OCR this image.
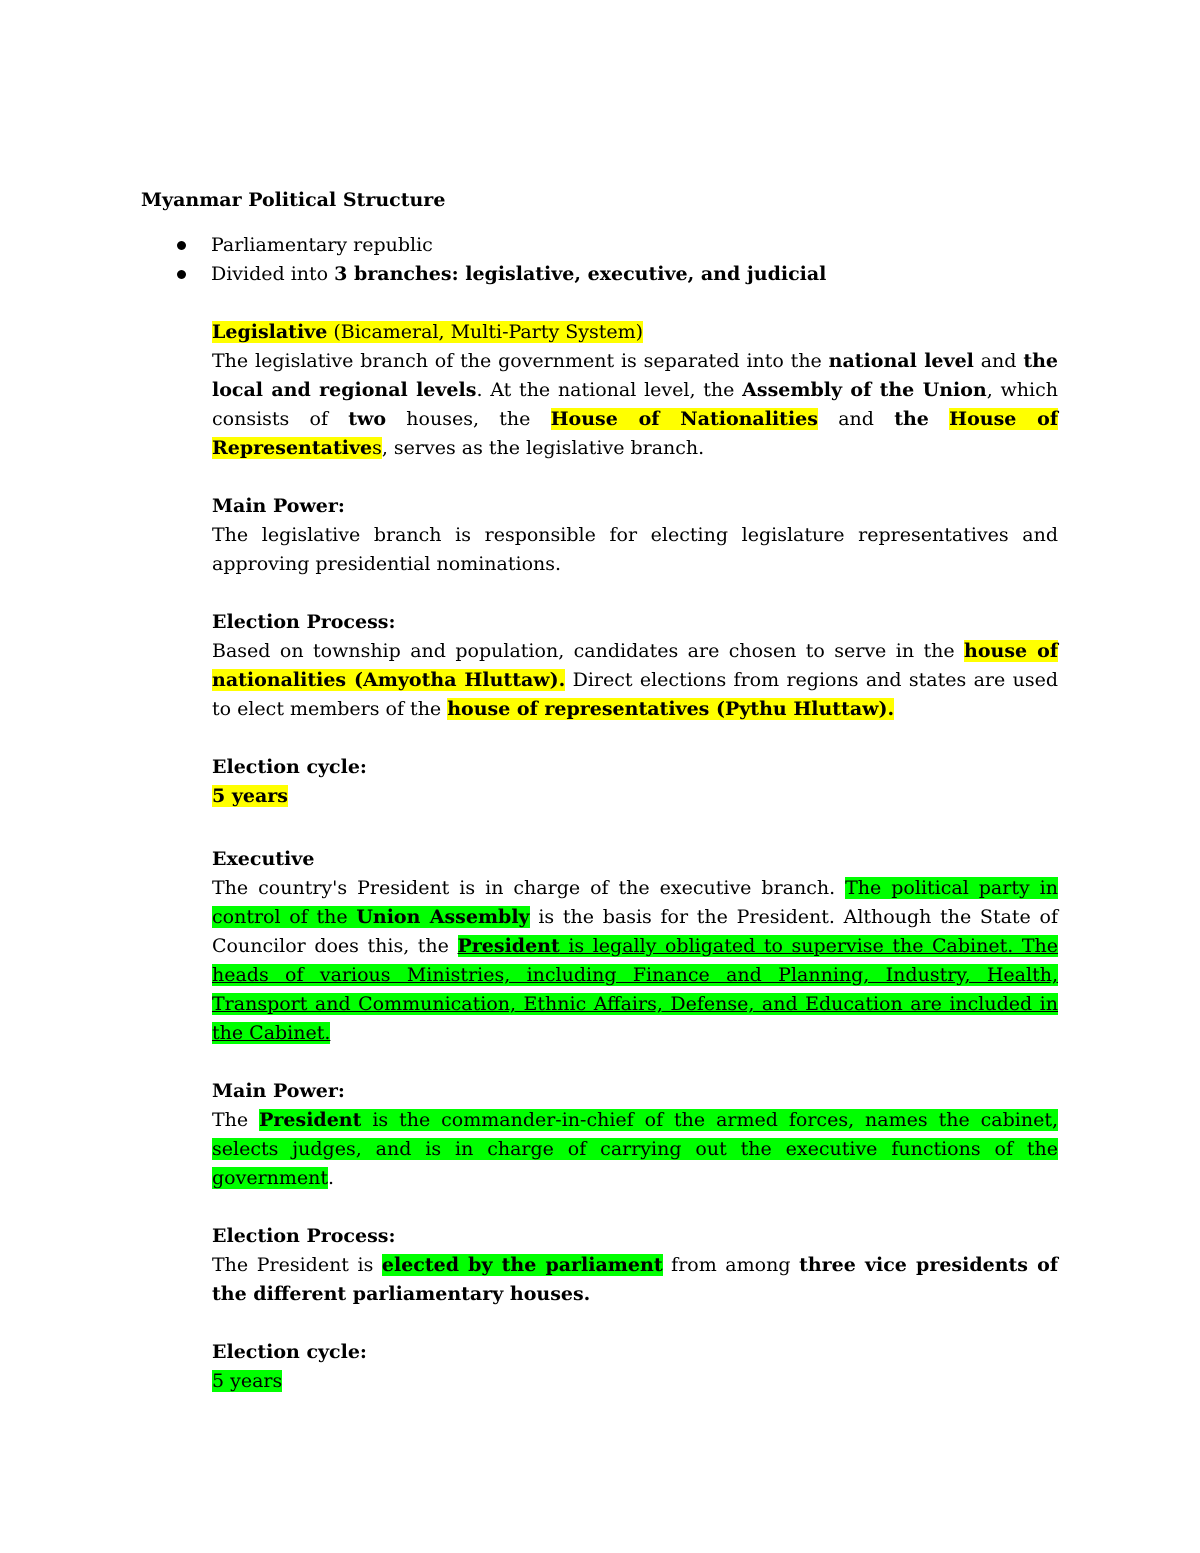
Myanmar Political Structure
Parliamentary republic
Divided into 3 branches: legislative, executive, and judicial
Legislative (Bicameral, Multi-Party System)

The legislative branch of the government is separated into the national level and the local and regional levels. At the national level, the Assembly of the Union, which consists of two houses, the House of Nationalities and the House of Representatives, serves as the legislative branch.

Main Power:

The legislative branch is responsible for electing legislature representatives and approving presidential nominations.

Election Process:

Based on township and population, candidates are chosen to serve in the house of nationalities (Amyotha Hluttaw). Direct elections from regions and states are used to elect members of the house of representatives (Pythu Hluttaw).

Election cycle:
5 years
Executive

The country's President is in charge of the executive branch. The political party in control of the Union Assembly is the basis for the President. Although the State of Councilor does this, the President is legally obligated to supervise the Cabinet. The heads of various Ministries, including Finance and Planning, Industry, Health, Transport and Communication, Ethnic Affairs, Defense, and Education are included in the Cabinet.

Main Power:

The President is the commander-in-chief of the armed forces, names the cabinet, selects judges, and is in charge of carrying out the executive functions of the government.

Election Process:

The President is elected by the parliament from among three vice presidents of the different parliamentary houses.

Election cycle:
5 years
